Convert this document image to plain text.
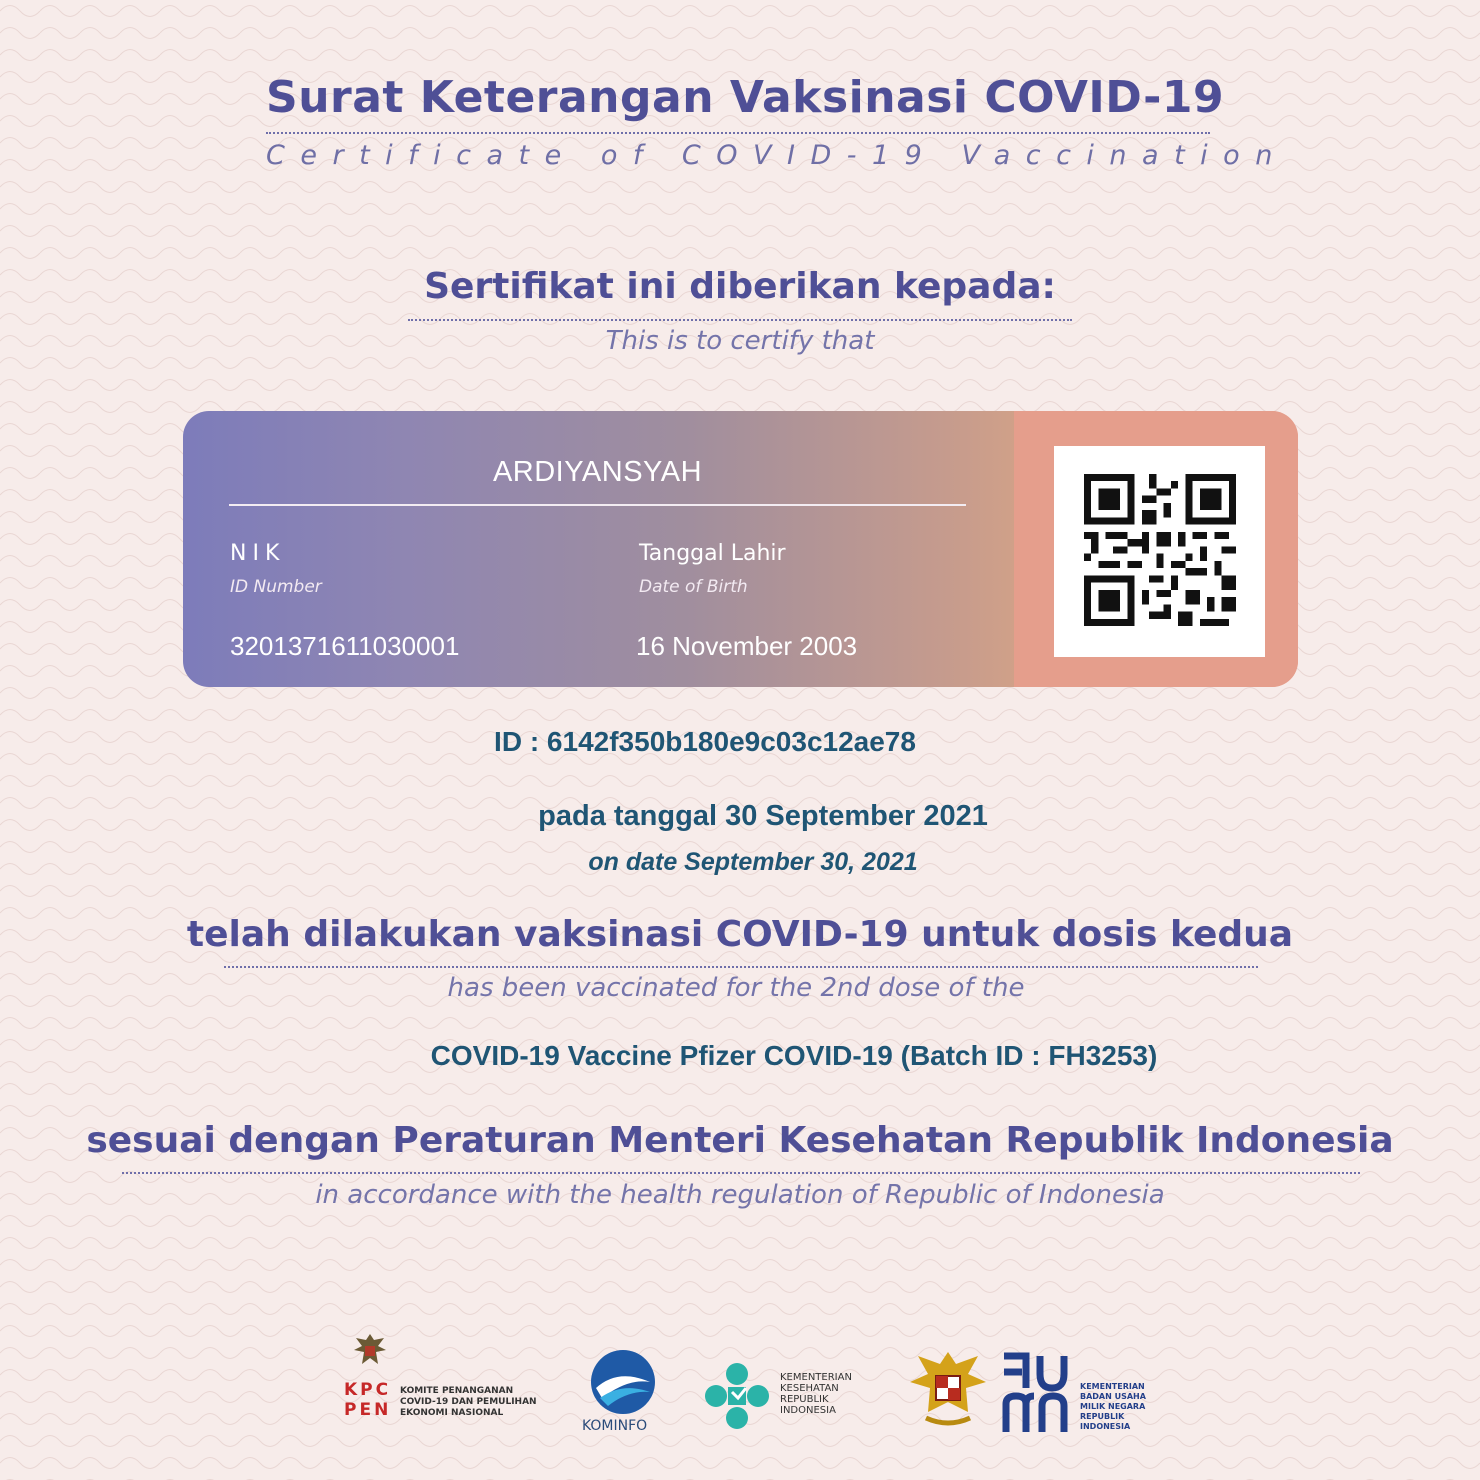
Surat Keterangan Vaksinasi COVID-19
Certificate of COVID-19 Vaccination
Sertifikat ini diberikan kepada:
This is to certify that
ARDIYANSYAH
NIK
ID Number
3201371611030001
Tanggal Lahir
Date of Birth
16 November 2003
ID : 6142f350b180e9c03c12ae78
pada tanggal 30 September 2021
on date September 30, 2021
telah dilakukan vaksinasi COVID-19 untuk dosis kedua
has been vaccinated for the 2nd dose of the
COVID-19 Vaccine Pfizer COVID-19 (Batch ID : FH3253)
sesuai dengan Peraturan Menteri Kesehatan Republik Indonesia
in accordance with the health regulation of Republic of Indonesia
KPC
PEN
KOMITE PENANGANAN
COVID-19 DAN PEMULIHAN
EKONOMI NASIONAL
KOMINFO
KEMENTERIAN
KESEHATAN
REPUBLIK
INDONESIA
KEMENTERIAN
BADAN USAHA
MILIK NEGARA
REPUBLIK
INDONESIA
